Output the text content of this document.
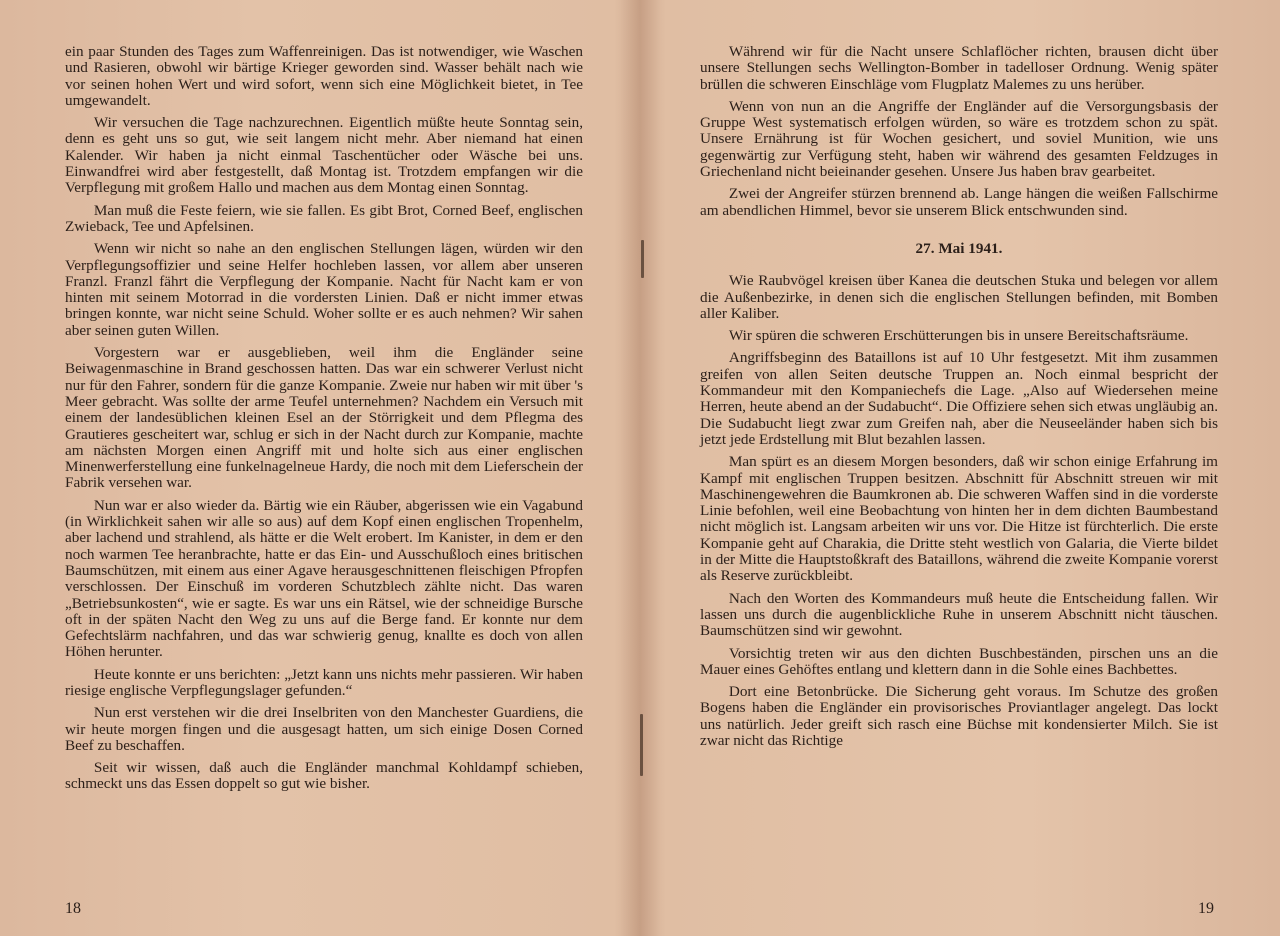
ein paar Stunden des Tages zum Waffenreinigen. Das ist notwendiger, wie Waschen und Rasieren, obwohl wir bärtige Krieger geworden sind. Wasser behält nach wie vor seinen hohen Wert und wird sofort, wenn sich eine Möglichkeit bietet, in Tee umgewandelt.

Wir versuchen die Tage nachzurechnen. Eigentlich müßte heute Sonntag sein, denn es geht uns so gut, wie seit langem nicht mehr. Aber niemand hat einen Kalender. Wir haben ja nicht einmal Taschentücher oder Wäsche bei uns. Einwandfrei wird aber festgestellt, daß Montag ist. Trotzdem empfangen wir die Verpflegung mit großem Hallo und machen aus dem Montag einen Sonntag.

Man muß die Feste feiern, wie sie fallen. Es gibt Brot, Corned Beef, englischen Zwieback, Tee und Apfelsinen.

Wenn wir nicht so nahe an den englischen Stellungen lägen, würden wir den Verpflegungsoffizier und seine Helfer hochleben lassen, vor allem aber unseren Franzl. Franzl fährt die Verpflegung der Kompanie. Nacht für Nacht kam er von hinten mit seinem Motorrad in die vordersten Linien. Daß er nicht immer etwas bringen konnte, war nicht seine Schuld. Woher sollte er es auch nehmen? Wir sahen aber seinen guten Willen.

Vorgestern war er ausgeblieben, weil ihm die Engländer seine Beiwagenmaschine in Brand geschossen hatten. Das war ein schwerer Verlust nicht nur für den Fahrer, sondern für die ganze Kompanie. Zweie nur haben wir mit über 's Meer gebracht. Was sollte der arme Teufel unternehmen? Nachdem ein Versuch mit einem der landesüblichen kleinen Esel an der Störrigkeit und dem Pflegma des Grautieres gescheitert war, schlug er sich in der Nacht durch zur Kompanie, machte am nächsten Morgen einen Angriff mit und holte sich aus einer englischen Minenwerferstellung eine funkelnagelneue Hardy, die noch mit dem Lieferschein der Fabrik versehen war.

Nun war er also wieder da. Bärtig wie ein Räuber, abgerissen wie ein Vagabund (in Wirklichkeit sahen wir alle so aus) auf dem Kopf einen englischen Tropenhelm, aber lachend und strahlend, als hätte er die Welt erobert. Im Kanister, in dem er den noch warmen Tee heranbrachte, hatte er das Ein- und Ausschußloch eines britischen Baumschützen, mit einem aus einer Agave herausgeschnittenen fleischigen Pfropfen verschlossen. Der Einschuß im vorderen Schutzblech zählte nicht. Das waren „Betriebsunkosten“, wie er sagte. Es war uns ein Rätsel, wie der schneidige Bursche oft in der späten Nacht den Weg zu uns auf die Berge fand. Er konnte nur dem Gefechtslärm nachfahren, und das war schwierig genug, knallte es doch von allen Höhen herunter.

Heute konnte er uns berichten: „Jetzt kann uns nichts mehr passieren. Wir haben riesige englische Verpflegungslager gefunden.“

Nun erst verstehen wir die drei Inselbriten von den Manchester Guardiens, die wir heute morgen fingen und die ausgesagt hatten, um sich einige Dosen Corned Beef zu beschaffen.

Seit wir wissen, daß auch die Engländer manchmal Kohldampf schieben, schmeckt uns das Essen doppelt so gut wie bisher.

Während wir für die Nacht unsere Schlaflöcher richten, brausen dicht über unsere Stellungen sechs Wellington-Bomber in tadelloser Ordnung. Wenig später brüllen die schweren Einschläge vom Flugplatz Malemes zu uns herüber.

Wenn von nun an die Angriffe der Engländer auf die Versorgungsbasis der Gruppe West systematisch erfolgen würden, so wäre es trotzdem schon zu spät. Unsere Ernährung ist für Wochen gesichert, und soviel Munition, wie uns gegenwärtig zur Verfügung steht, haben wir während des gesamten Feldzuges in Griechenland nicht beieinander gesehen. Unsere Jus haben brav gearbeitet.

Zwei der Angreifer stürzen brennend ab. Lange hängen die weißen Fallschirme am abendlichen Himmel, bevor sie unserem Blick entschwunden sind.

27. Mai 1941.

Wie Raubvögel kreisen über Kanea die deutschen Stuka und belegen vor allem die Außenbezirke, in denen sich die englischen Stellungen befinden, mit Bomben aller Kaliber.

Wir spüren die schweren Erschütterungen bis in unsere Bereitschaftsräume.

Angriffsbeginn des Bataillons ist auf 10 Uhr festgesetzt. Mit ihm zusammen greifen von allen Seiten deutsche Truppen an. Noch einmal bespricht der Kommandeur mit den Kompaniechefs die Lage. „Also auf Wiedersehen meine Herren, heute abend an der Sudabucht“. Die Offiziere sehen sich etwas ungläubig an. Die Sudabucht liegt zwar zum Greifen nah, aber die Neuseeländer haben sich bis jetzt jede Erdstellung mit Blut bezahlen lassen.

Man spürt es an diesem Morgen besonders, daß wir schon einige Erfahrung im Kampf mit englischen Truppen besitzen. Abschnitt für Abschnitt streuen wir mit Maschinengewehren die Baumkronen ab. Die schweren Waffen sind in die vorderste Linie befohlen, weil eine Beobachtung von hinten her in dem dichten Baumbestand nicht möglich ist. Langsam arbeiten wir uns vor. Die Hitze ist fürchterlich. Die erste Kompanie geht auf Charakia, die Dritte steht westlich von Galaria, die Vierte bildet in der Mitte die Hauptstoßkraft des Bataillons, während die zweite Kompanie vorerst als Reserve zurückbleibt.

Nach den Worten des Kommandeurs muß heute die Entscheidung fallen. Wir lassen uns durch die augenblickliche Ruhe in unserem Abschnitt nicht täuschen. Baumschützen sind wir gewohnt.

Vorsichtig treten wir aus den dichten Buschbeständen, pirschen uns an die Mauer eines Gehöftes entlang und klettern dann in die Sohle eines Bachbettes.

Dort eine Betonbrücke. Die Sicherung geht voraus. Im Schutze des großen Bogens haben die Engländer ein provisorisches Proviantlager angelegt. Das lockt uns natürlich. Jeder greift sich rasch eine Büchse mit kondensierter Milch. Sie ist zwar nicht das Richtige

18	19
